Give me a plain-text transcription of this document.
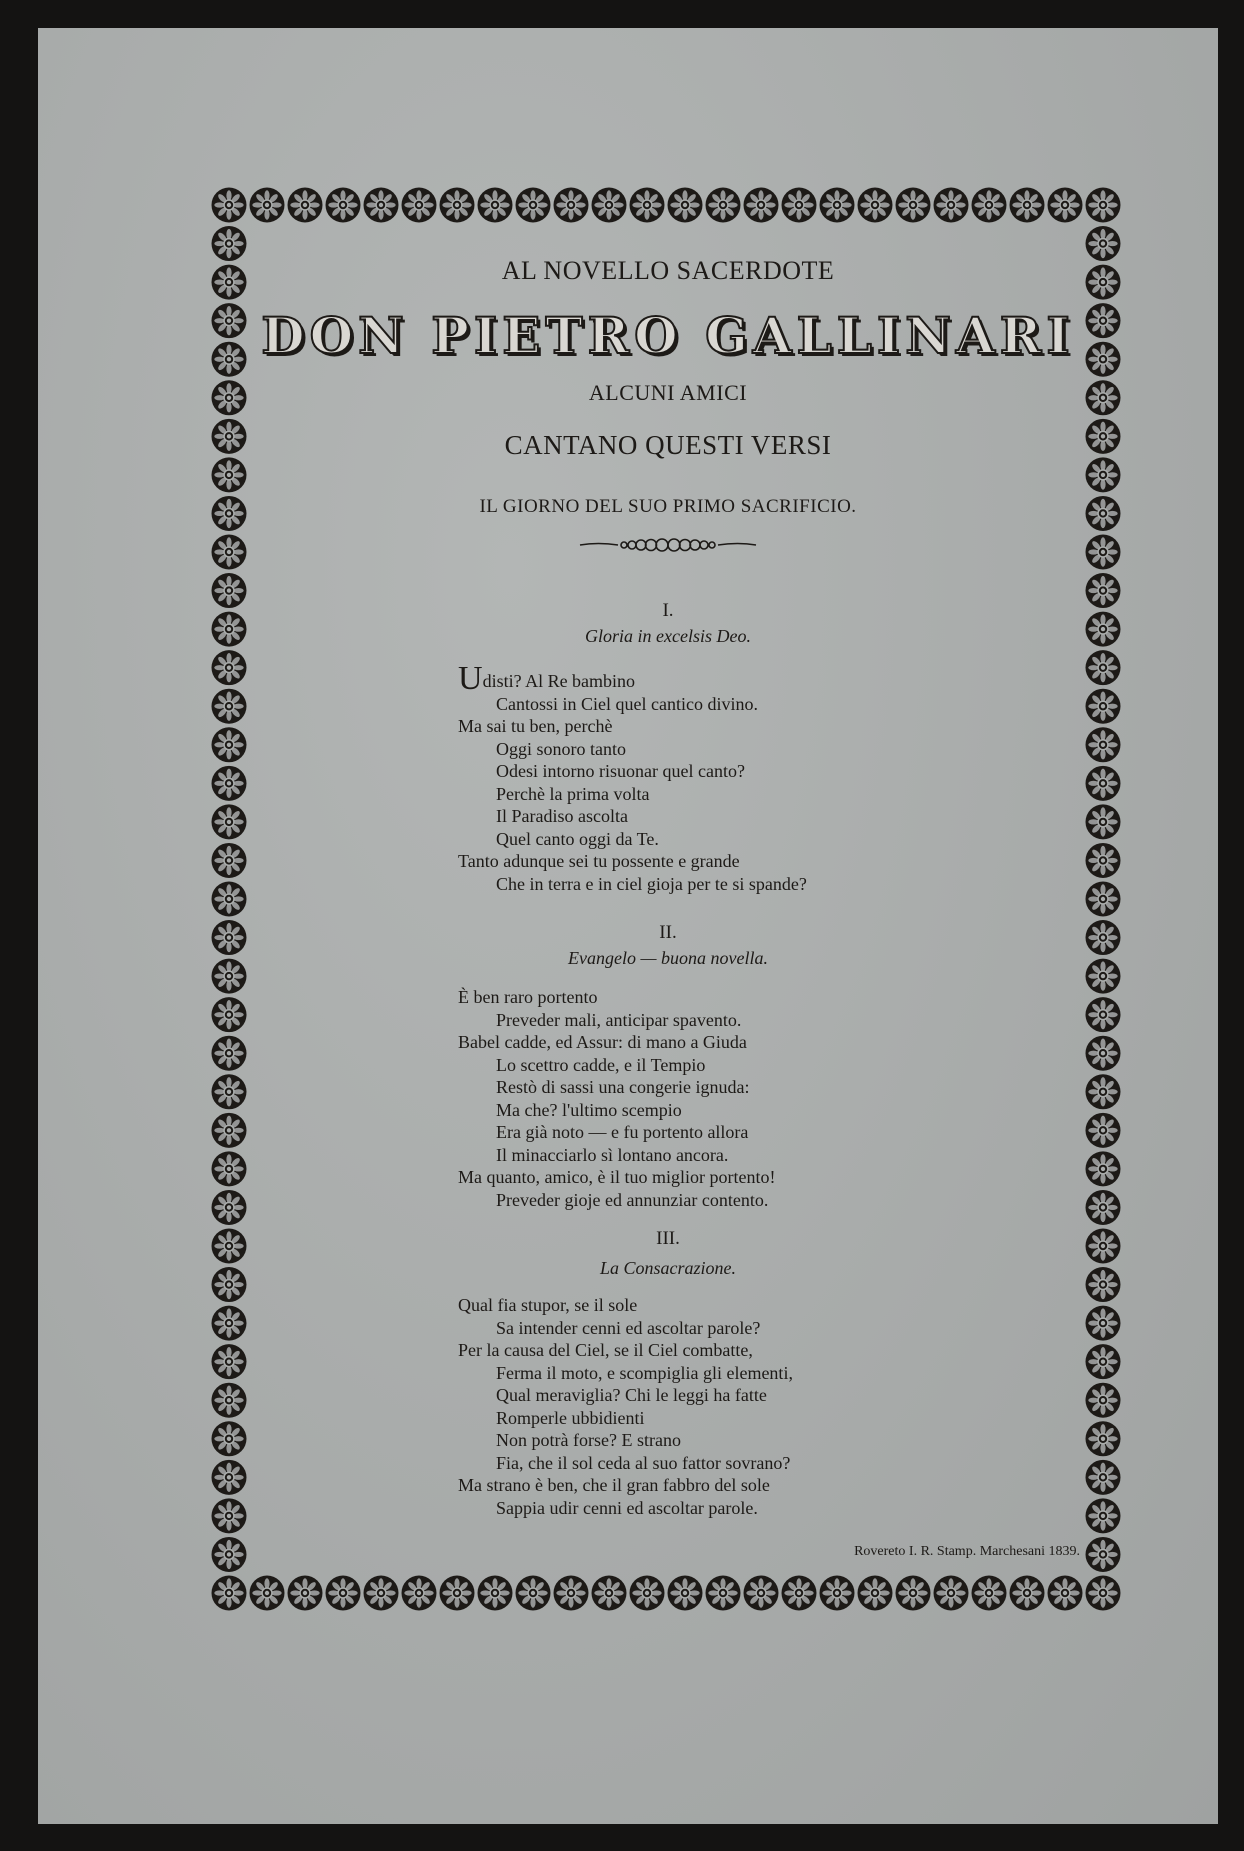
AL NOVELLO SACERDOTE
DON PIETRO GALLINARI
ALCUNI AMICI
CANTANO QUESTI VERSI
IL GIORNO DEL SUO PRIMO SACRIFICIO.
I.
Gloria in excelsis Deo.
Udisti? Al Re bambino
Cantossi in Ciel quel cantico divino.
Ma sai tu ben, perchè
Oggi sonoro tanto
Odesi intorno risuonar quel canto?
Perchè la prima volta
Il Paradiso ascolta
Quel canto oggi da Te.
Tanto adunque sei tu possente e grande
Che in terra e in ciel gioja per te si spande?
II.
Evangelo — buona novella.
È ben raro portento
Preveder mali, anticipar spavento.
Babel cadde, ed Assur: di mano a Giuda
Lo scettro cadde, e il Tempio
Restò di sassi una congerie ignuda:
Ma che? l'ultimo scempio
Era già noto — e fu portento allora
Il minacciarlo sì lontano ancora.
Ma quanto, amico, è il tuo miglior portento!
Preveder gioje ed annunziar contento.
III.
La Consacrazione.
Qual fia stupor, se il sole
Sa intender cenni ed ascoltar parole?
Per la causa del Ciel, se il Ciel combatte,
Ferma il moto, e scompiglia gli elementi,
Qual meraviglia? Chi le leggi ha fatte
Romperle ubbidienti
Non potrà forse? E strano
Fia, che il sol ceda al suo fattor sovrano?
Ma strano è ben, che il gran fabbro del sole
Sappia udir cenni ed ascoltar parole.
Rovereto I. R. Stamp. Marchesani 1839.
